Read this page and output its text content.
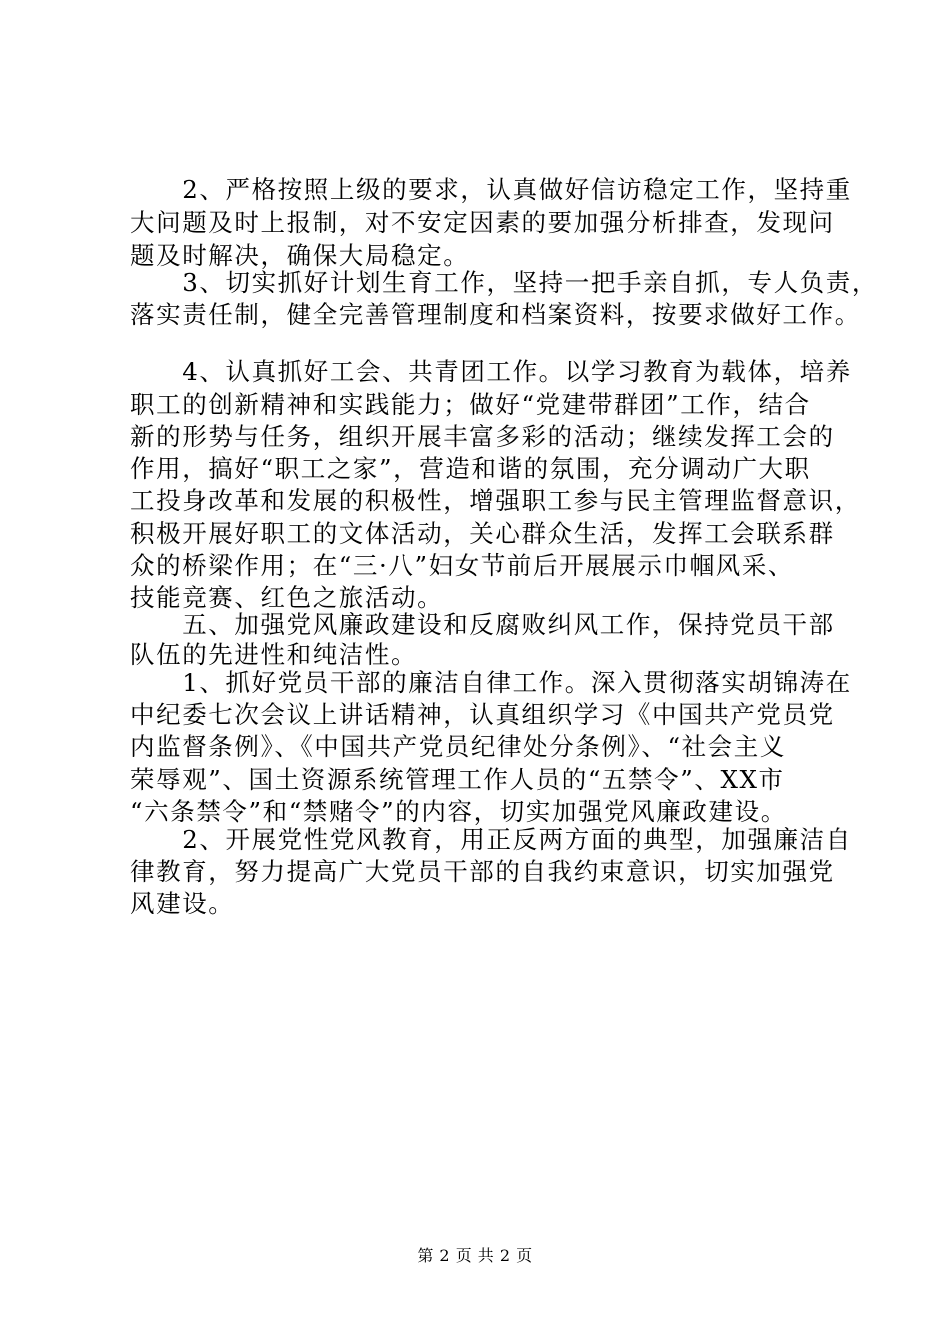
　　2、严格按照上级的要求，认真做好信访稳定工作，坚持重
大问题及时上报制，对不安定因素的要加强分析排查，发现问
题及时解决，确保大局稳定。
　　3、切实抓好计划生育工作，坚持一把手亲自抓，专人负责，
落实责任制，健全完善管理制度和档案资料，按要求做好工作。
　　4、认真抓好工会、共青团工作。以学习教育为载体，培养
职工的创新精神和实践能力；做好“党建带群团”工作，结合
新的形势与任务，组织开展丰富多彩的活动；继续发挥工会的
作用，搞好“职工之家”，营造和谐的氛围，充分调动广大职
工投身改革和发展的积极性，增强职工参与民主管理监督意识，
积极开展好职工的文体活动，关心群众生活，发挥工会联系群
众的桥梁作用；在“三·八”妇女节前后开展展示巾帼风采、
技能竞赛、红色之旅活动。
　　五、加强党风廉政建设和反腐败纠风工作，保持党员干部
队伍的先进性和纯洁性。
　　1、抓好党员干部的廉洁自律工作。深入贯彻落实胡锦涛在
中纪委七次会议上讲话精神，认真组织学习《中国共产党员党
内监督条例》、《中国共产党员纪律处分条例》、“社会主义
荣辱观”、国土资源系统管理工作人员的“五禁令”、XX市
“六条禁令”和“禁赌令”的内容，切实加强党风廉政建设。
　　2、开展党性党风教育，用正反两方面的典型，加强廉洁自
律教育，努力提高广大党员干部的自我约束意识，切实加强党
风建设。
第 2 页 共 2 页
